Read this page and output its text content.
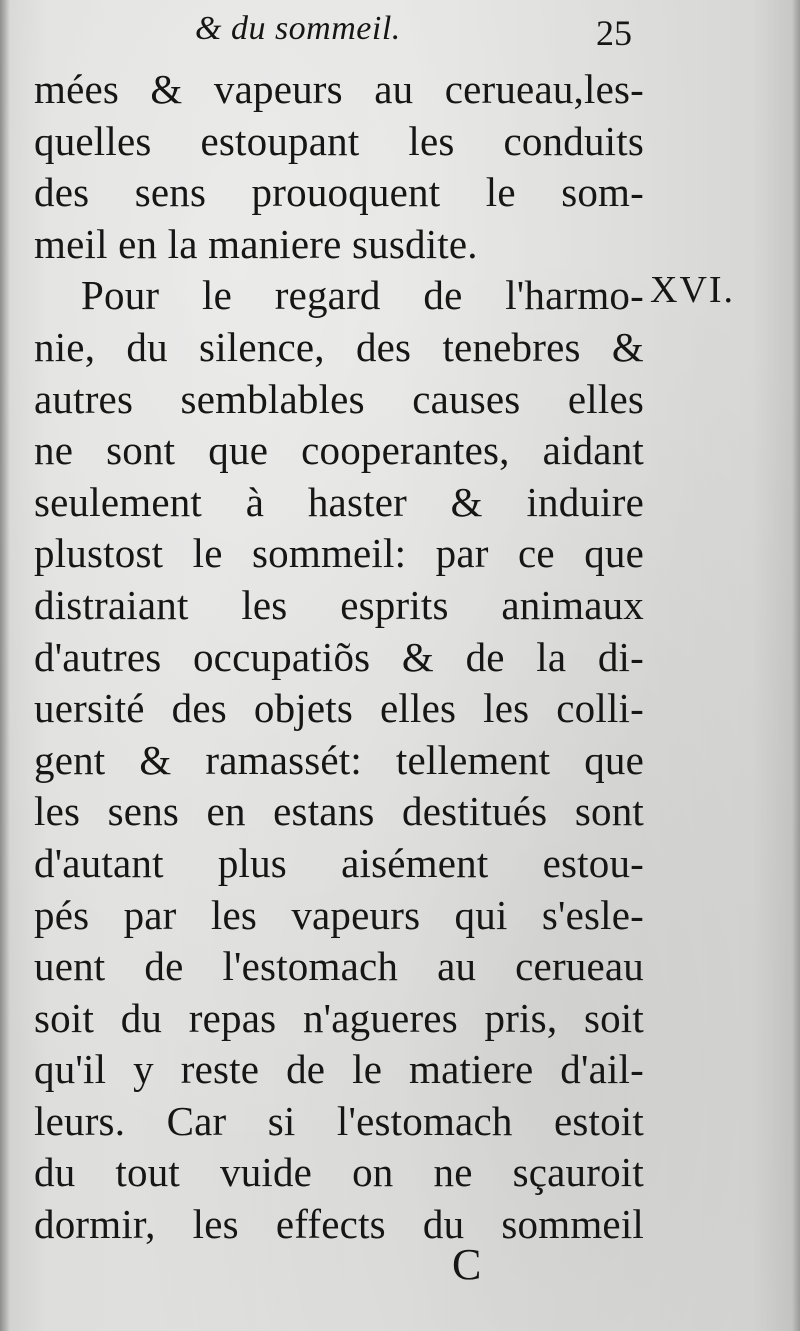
& du sommeil.	25
mées & vapeurs au cerueau,les-
quelles estoupant les conduits
des sens prouoquent le som-
meil en la maniere susdite.
Pour le regard de l'harmo-
nie, du silence, des tenebres &
autres semblables causes elles
ne sont que cooperantes, aidant
seulement à haster & induire
plustost le sommeil: par ce que
distraiant les esprits animaux
d'autres occupatiõs & de la di-
uersité des objets elles les colli-
gent & ramassét: tellement que
les sens en estans destitués sont
d'autant plus aisément estou-
pés par les vapeurs qui s'esle-
uent de l'estomach au cerueau
soit du repas n'agueres pris, soit
qu'il y reste de le matiere d'ail-
leurs. Car si l'estomach estoit
du tout vuide on ne sçauroit
dormir, les effects du sommeil
XVI.
C
